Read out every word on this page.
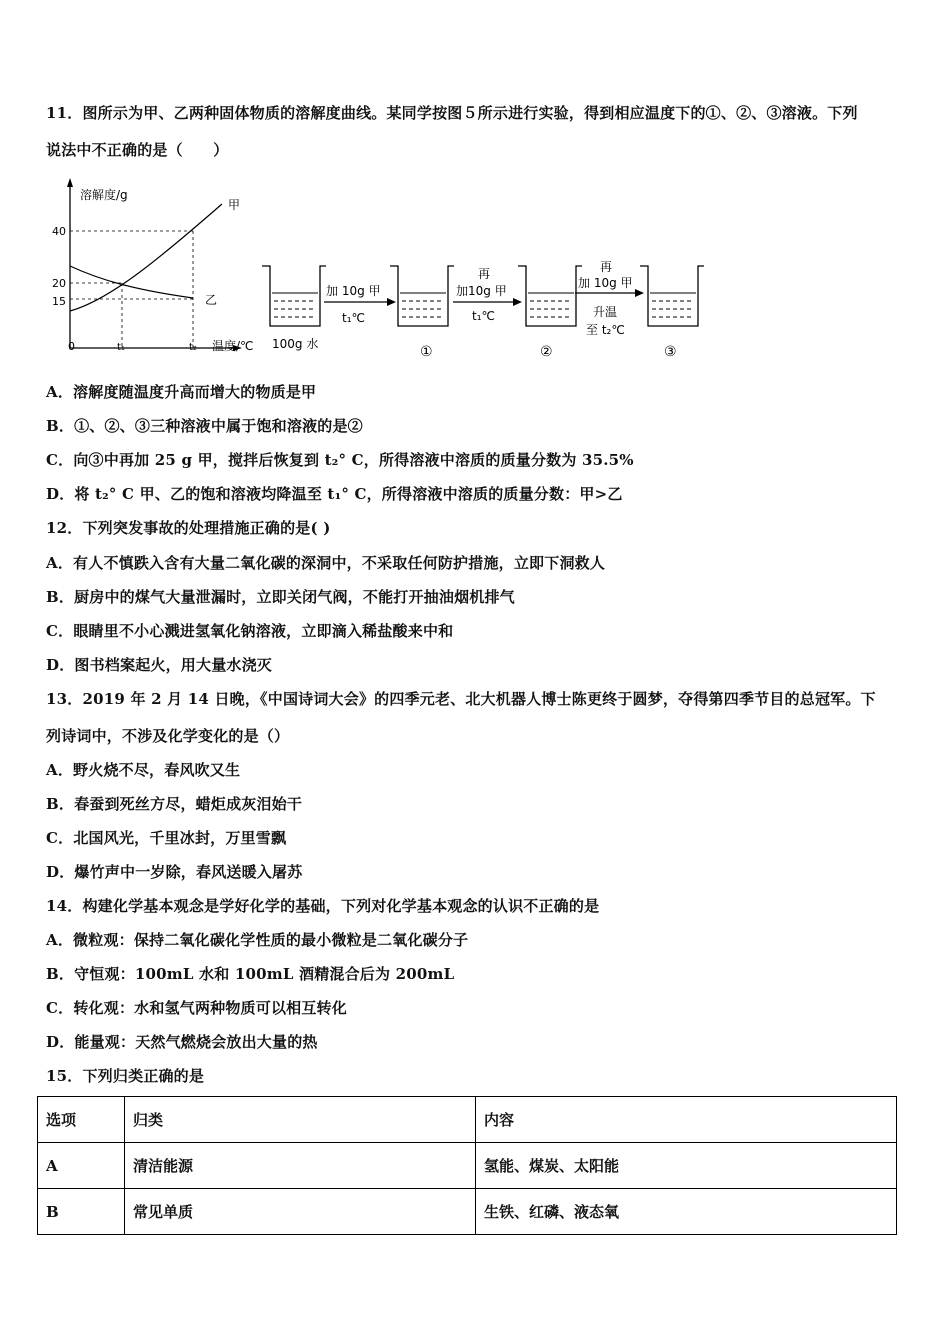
11．图所示为甲、乙两种固体物质的溶解度曲线。某同学按图５所示进行实验，得到相应温度下的①、②、③溶液。下列
说法中不正确的是（　　）
溶解度/g
温度/℃
40
20
15
0	t₁	t₂
甲
乙
100g 水
加 10g 甲
t₁℃
①
再
加10g 甲
t₁℃
②
再
加 10g 甲
升温
至 t₂℃
③
A．溶解度随温度升高而增大的物质是甲
B．①、②、③三种溶液中属于饱和溶液的是②
C．向③中再加 25 g 甲，搅拌后恢复到 t₂° C，所得溶液中溶质的质量分数为 35.5%
D．将 t₂° C 甲、乙的饱和溶液均降温至 t₁° C，所得溶液中溶质的质量分数：甲>乙
12．下列突发事故的处理措施正确的是( )
A．有人不慎跌入含有大量二氧化碳的深洞中，不采取任何防护措施，立即下洞救人
B．厨房中的煤气大量泄漏时，立即关闭气阀，不能打开抽油烟机排气
C．眼睛里不小心溅进氢氧化钠溶液，立即滴入稀盐酸来中和
D．图书档案起火，用大量水浇灭
13．2019 年 2 月 14 日晚，《中国诗词大会》的四季元老、北大机器人博士陈更终于圆梦，夺得第四季节目的总冠军。下
列诗词中，不涉及化学变化的是（）
A．野火烧不尽，春风吹又生
B．春蚕到死丝方尽，蜡炬成灰泪始干
C．北国风光，千里冰封，万里雪飘
D．爆竹声中一岁除，春风送暖入屠苏
14．构建化学基本观念是学好化学的基础，下列对化学基本观念的认识不正确的是
A．微粒观：保持二氧化碳化学性质的最小微粒是二氧化碳分子
B．守恒观：100mL 水和 100mL 酒精混合后为 200mL
C．转化观：水和氢气两种物质可以相互转化
D．能量观：天然气燃烧会放出大量的热
15．下列归类正确的是
选项	归类	内容
A	清洁能源	氢能、煤炭、太阳能
B	常见单质	生铁、红磷、液态氧
